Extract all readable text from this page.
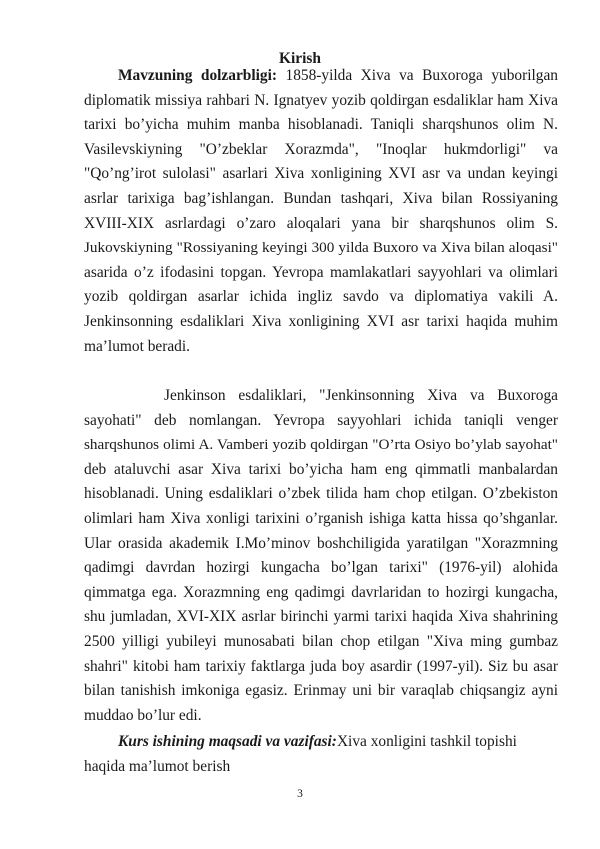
Kirish
Mavzuning dolzarbligi: 1858-yilda Xiva va Buxoroga yuborilgan
diplomatik missiya rahbari N. Ignatyev yozib qoldirgan esdaliklar ham Xiva
tarixi bo’yicha muhim manba hisoblanadi. Taniqli sharqshunos olim N.
Vasilevskiyning "O’zbeklar Xorazmda", "Inoqlar hukmdorligi" va
"Qo’ng’irot sulolasi" asarlari Xiva xonligining XVI asr va undan keyingi
asrlar tarixiga bag’ishlangan. Bundan tashqari, Xiva bilan Rossiyaning
XVIII-XIX asrlardagi o’zaro aloqalari yana bir sharqshunos olim S.
Jukovskiyning "Rossiyaning keyingi 300 yilda Buxoro va Xiva bilan aloqasi"
asarida o’z ifodasini topgan. Yevropa mamlakatlari sayyohlari va olimlari
yozib qoldirgan asarlar ichida ingliz savdo va diplomatiya vakili A.
Jenkinsonning esdaliklari Xiva xonligining XVI asr tarixi haqida muhim
ma’lumot beradi.
Jenkinson esdaliklari, "Jenkinsonning Xiva va Buxoroga
sayohati" deb nomlangan. Yevropa sayyohlari ichida taniqli venger
sharqshunos olimi A. Vamberi yozib qoldirgan "O’rta Osiyo bo’ylab sayohat"
deb ataluvchi asar Xiva tarixi bo’yicha ham eng qimmatli manbalardan
hisoblanadi. Uning esdaliklari o’zbek tilida ham chop etilgan. O’zbekiston
olimlari ham Xiva xonligi tarixini o’rganish ishiga katta hissa qo’shganlar.
Ular orasida akademik I.Mo’minov boshchiligida yaratilgan "Xorazmning
qadimgi davrdan hozirgi kungacha bo’lgan tarixi" (1976-yil) alohida
qimmatga ega. Xorazmning eng qadimgi davrlaridan to hozirgi kungacha,
shu jumladan, XVI-XIX asrlar birinchi yarmi tarixi haqida Xiva shahrining
2500 yilligi yubileyi munosabati bilan chop etilgan "Xiva ming gumbaz
shahri" kitobi ham tarixiy faktlarga juda boy asardir (1997-yil). Siz bu asar
bilan tanishish imkoniga egasiz. Erinmay uni bir varaqlab chiqsangiz ayni
muddao bo’lur edi.
Kurs ishining maqsadi va vazifasi:Xiva xonligini tashkil topishi
haqida ma’lumot berish
3
